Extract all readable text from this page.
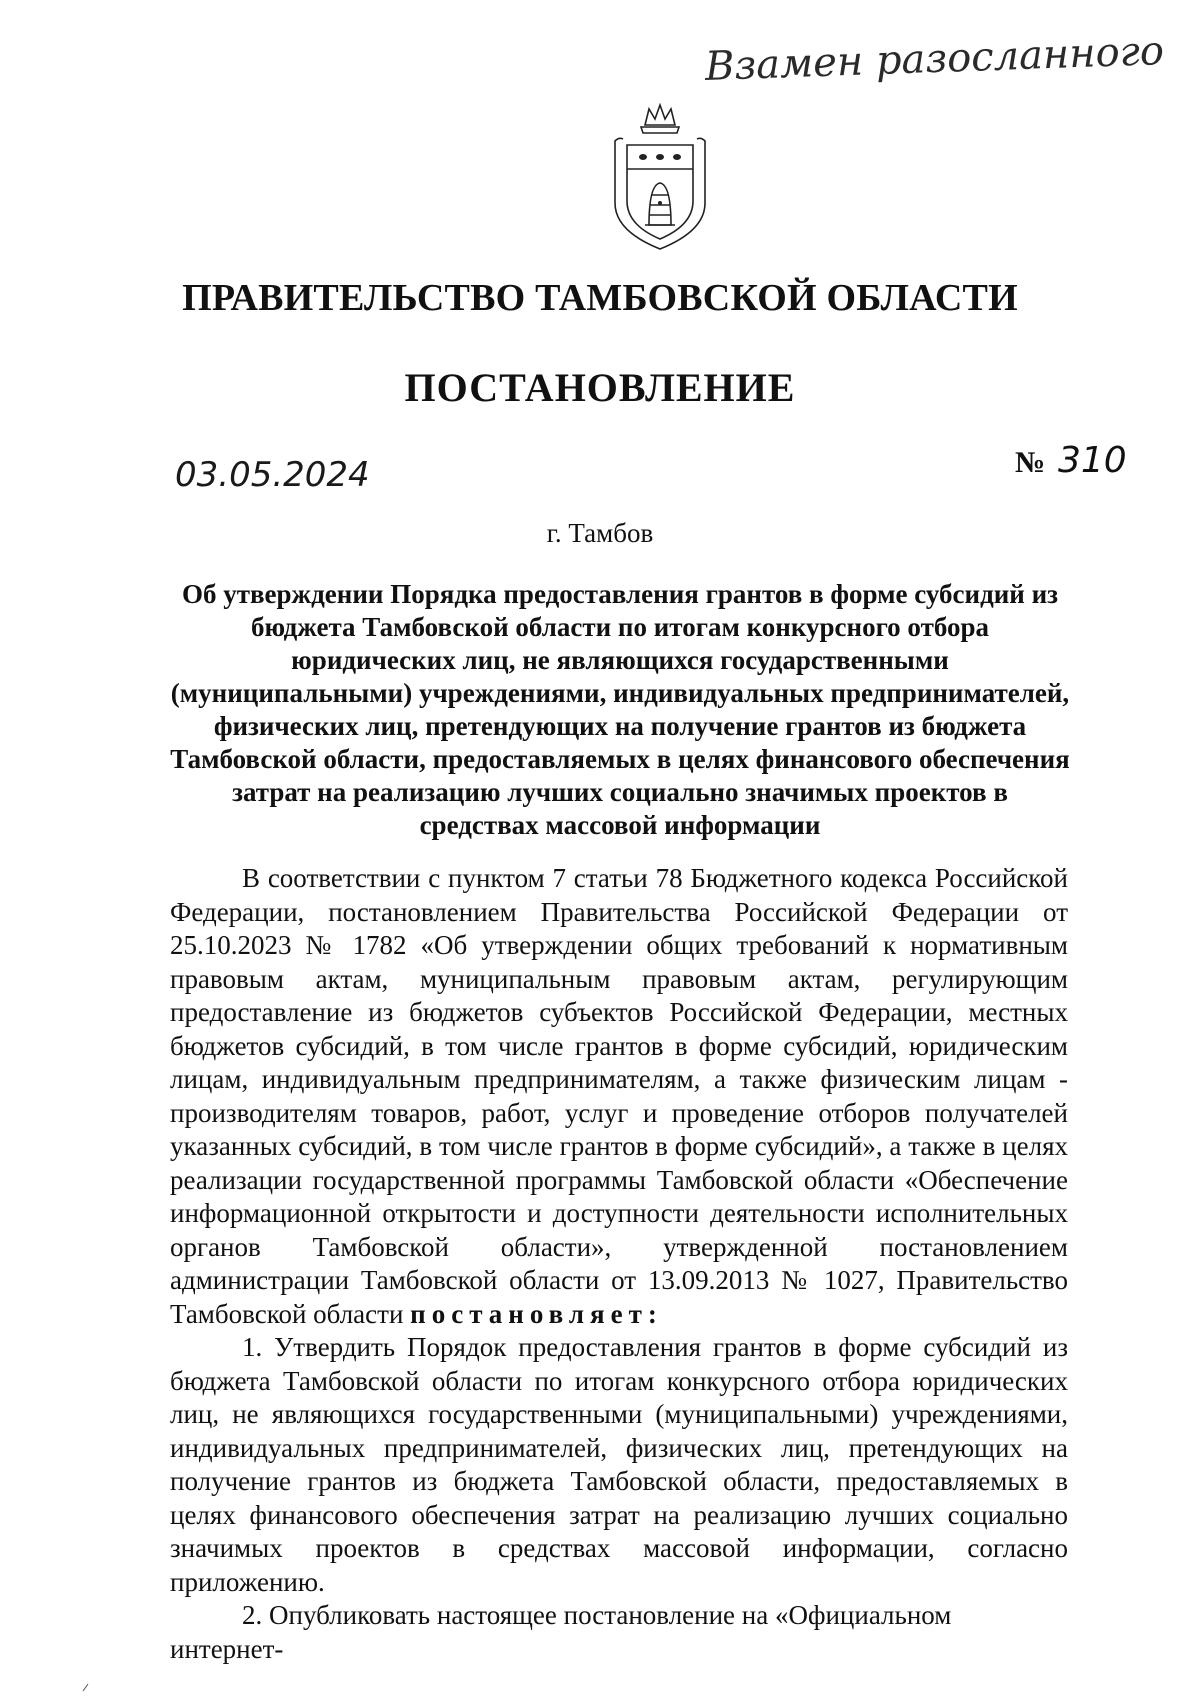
Взамен разосланного
ПРАВИТЕЛЬСТВО ТАМБОВСКОЙ ОБЛАСТИ
ПОСТАНОВЛЕНИЕ
03.05.2024	№ 310
г. Тамбов
Об утверждении Порядка предоставления грантов в форме субсидий из бюджета Тамбовской области по итогам конкурсного отбора юридических лиц, не являющихся государственными (муниципальными) учреждениями, индивидуальных предпринимателей, физических лиц, претендующих на получение грантов из бюджета Тамбовской области, предоставляемых в целях финансового обеспечения затрат на реализацию лучших социально значимых проектов в средствах массовой информации

В соответствии с пунктом 7 статьи 78 Бюджетного кодекса Российской Федерации, постановлением Правительства Российской Федерации от 25.10.2023 № 1782 «Об утверждении общих требований к нормативным правовым актам, муниципальным правовым актам, регулирующим предоставление из бюджетов субъектов Российской Федерации, местных бюджетов субсидий, в том числе грантов в форме субсидий, юридическим лицам, индивидуальным предпринимателям, а также физическим лицам - производителям товаров, работ, услуг и проведение отборов получателей указанных субсидий, в том числе грантов в форме субсидий», а также в целях реализации государственной программы Тамбовской области «Обеспечение информационной открытости и доступности деятельности исполнительных органов Тамбовской области», утвержденной постановлением администрации Тамбовской области от 13.09.2013 № 1027, Правительство Тамбовской области постановляет:

1. Утвердить Порядок предоставления грантов в форме субсидий из бюджета Тамбовской области по итогам конкурсного отбора юридических лиц, не являющихся государственными (муниципальными) учреждениями, индивидуальных предпринимателей, физических лиц, претендующих на получение грантов из бюджета Тамбовской области, предоставляемых в целях финансового обеспечения затрат на реализацию лучших социально значимых проектов в средствах массовой информации, согласно приложению.

2. Опубликовать настоящее постановление на «Официальном интернет-
